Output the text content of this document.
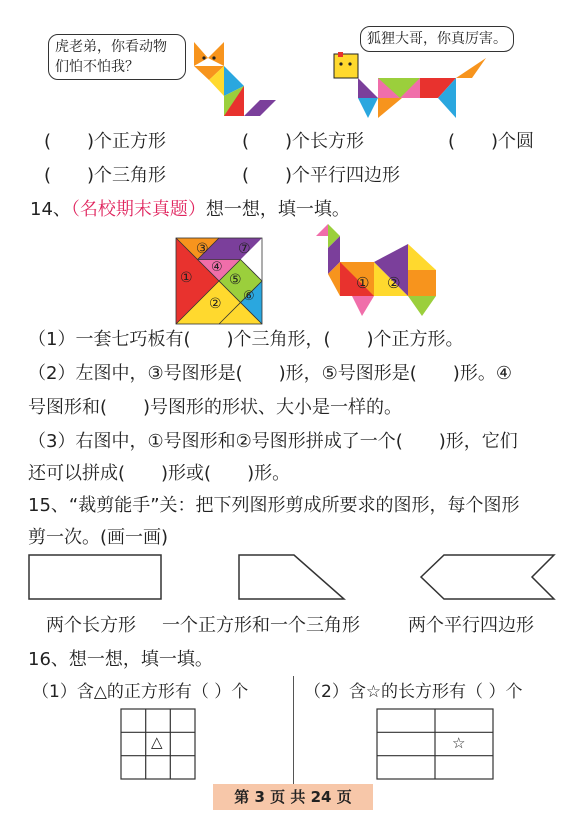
虎老弟，你看动物们怕不怕我？
狐狸大哥，你真厉害。
(　　)个正方形	(　　)个长方形	(　　)个圆
(　　)个三角形	(　　)个平行四边形
14、（名校期末真题）想一想，填一填。
①
②
③
④
⑤
⑥
⑦
① ②
（1）一套七巧板有(　　)个三角形，(　　)个正方形。
（2）左图中，③号图形是(　　)形，⑤号图形是(　　)形。④
号图形和(　　)号图形的形状、大小是一样的。
（3）右图中，①号图形和②号图形拼成了一个(　　)形，它们
还可以拼成(　　)形或(　　)形。
15、“裁剪能手”关：把下列图形剪成所要求的图形，每个图形
剪一次。(画一画)
两个长方形 一个正方形和一个三角形	两个平行四边形
16、想一想，填一填。
（1）含△的正方形有（ ）个	（2）含☆的长方形有（ ）个
△	☆
第 3 页 共 24 页
